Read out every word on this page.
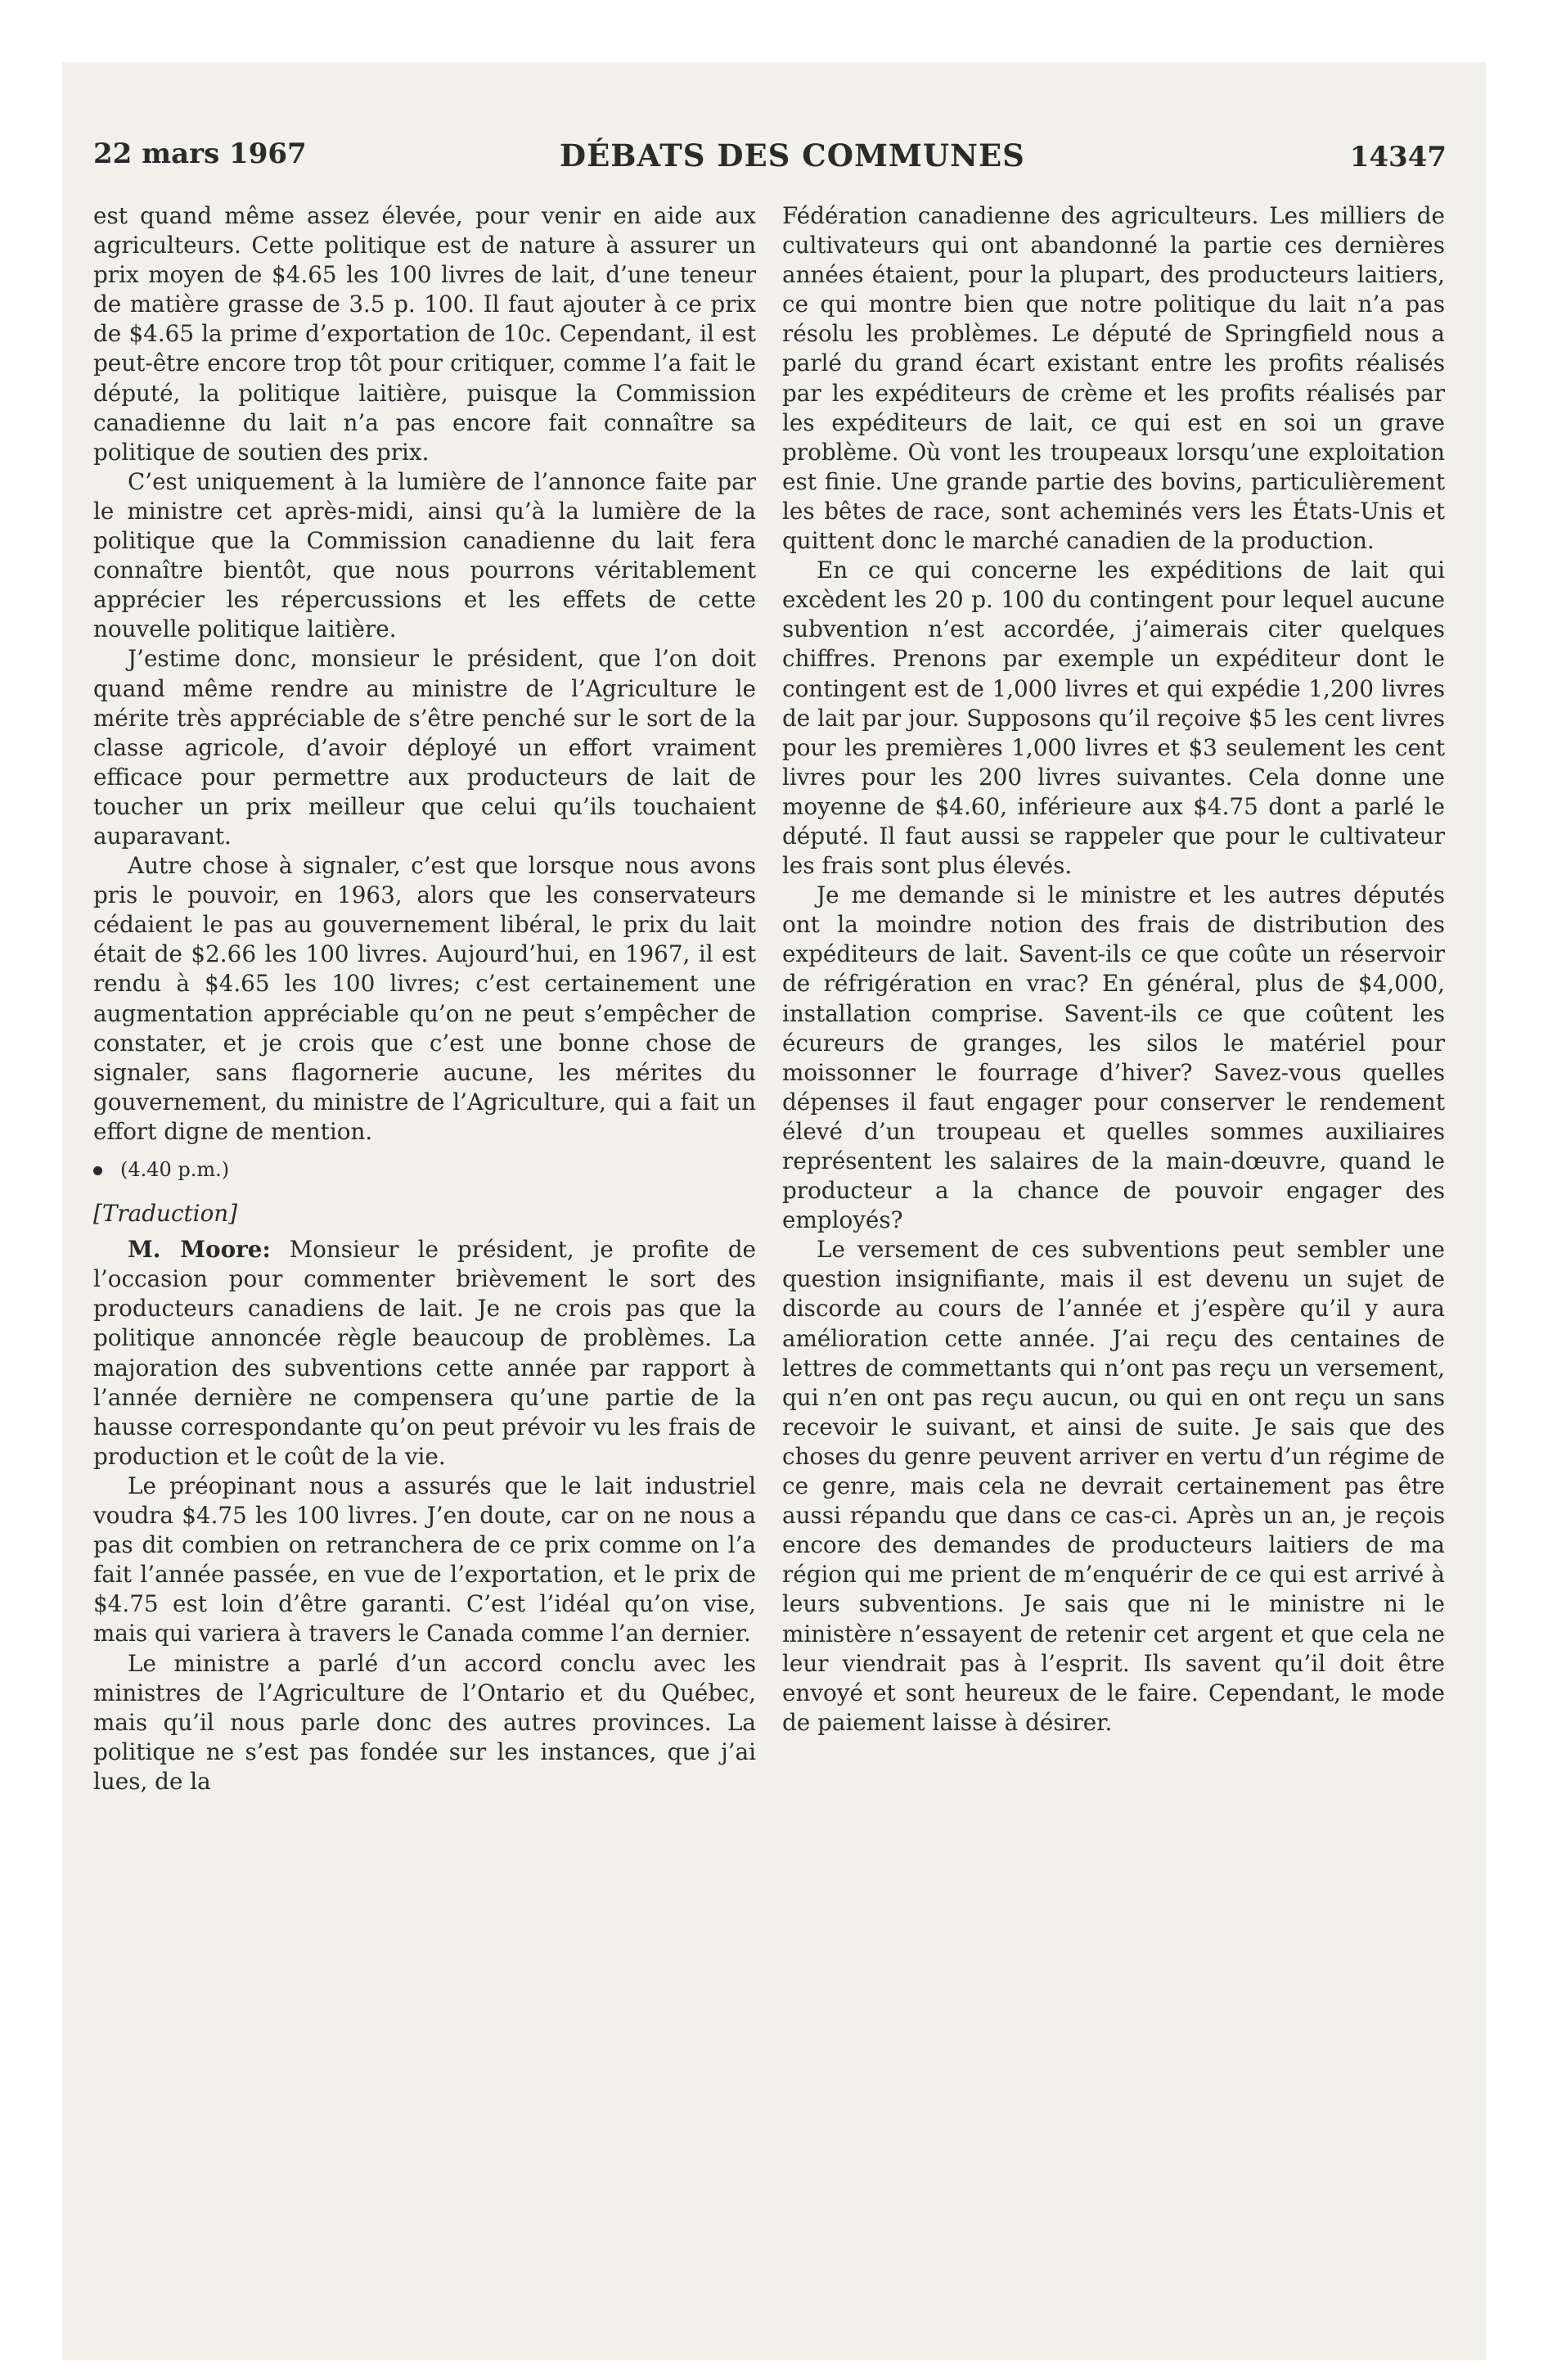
22 mars 1967	DÉBATS DES COMMUNES	14347

est quand même assez élevée, pour venir en aide aux agriculteurs. Cette politique est de nature à assurer un prix moyen de $4.65 les 100 livres de lait, d’une teneur de matière grasse de 3.5 p. 100. Il faut ajouter à ce prix de $4.65 la prime d’exportation de 10c. Cependant, il est peut-être encore trop tôt pour critiquer, comme l’a fait le député, la politique laitière, puisque la Commission canadienne du lait n’a pas encore fait connaître sa politique de soutien des prix.

C’est uniquement à la lumière de l’annonce faite par le ministre cet après-midi, ainsi qu’à la lumière de la politique que la Commission canadienne du lait fera connaître bientôt, que nous pourrons véritablement apprécier les répercussions et les effets de cette nouvelle politique laitière.

J’estime donc, monsieur le président, que l’on doit quand même rendre au ministre de l’Agriculture le mérite très appréciable de s’être penché sur le sort de la classe agricole, d’avoir déployé un effort vraiment efficace pour permettre aux producteurs de lait de toucher un prix meilleur que celui qu’ils touchaient auparavant.

Autre chose à signaler, c’est que lorsque nous avons pris le pouvoir, en 1963, alors que les conservateurs cédaient le pas au gouvernement libéral, le prix du lait était de $2.66 les 100 livres. Aujourd’hui, en 1967, il est rendu à $4.65 les 100 livres; c’est certainement une augmentation appréciable qu’on ne peut s’empêcher de constater, et je crois que c’est une bonne chose de signaler, sans flagornerie aucune, les mérites du gouvernement, du ministre de l’Agriculture, qui a fait un effort digne de mention.

(4.40 p.m.)

[Traduction]

M. Moore: Monsieur le président, je profite de l’occasion pour commenter brièvement le sort des producteurs canadiens de lait. Je ne crois pas que la politique annoncée règle beaucoup de problèmes. La majoration des subventions cette année par rapport à l’année dernière ne compensera qu’une partie de la hausse correspondante qu’on peut prévoir vu les frais de production et le coût de la vie.

Le préopinant nous a assurés que le lait industriel voudra $4.75 les 100 livres. J’en doute, car on ne nous a pas dit combien on retranchera de ce prix comme on l’a fait l’année passée, en vue de l’exportation, et le prix de $4.75 est loin d’être garanti. C’est l’idéal qu’on vise, mais qui variera à travers le Canada comme l’an dernier.

Le ministre a parlé d’un accord conclu avec les ministres de l’Agriculture de l’Ontario et du Québec, mais qu’il nous parle donc des autres provinces. La politique ne s’est pas fondée sur les instances, que j’ai lues, de la

Fédération canadienne des agriculteurs. Les milliers de cultivateurs qui ont abandonné la partie ces dernières années étaient, pour la plupart, des producteurs laitiers, ce qui montre bien que notre politique du lait n’a pas résolu les problèmes. Le député de Springfield nous a parlé du grand écart existant entre les profits réalisés par les expéditeurs de crème et les profits réalisés par les expéditeurs de lait, ce qui est en soi un grave problème. Où vont les troupeaux lorsqu’une exploitation est finie. Une grande partie des bovins, particulièrement les bêtes de race, sont acheminés vers les États-Unis et quittent donc le marché canadien de la production.

En ce qui concerne les expéditions de lait qui excèdent les 20 p. 100 du contingent pour lequel aucune subvention n’est accordée, j’aimerais citer quelques chiffres. Prenons par exemple un expéditeur dont le contingent est de 1,000 livres et qui expédie 1,200 livres de lait par jour. Supposons qu’il reçoive $5 les cent livres pour les premières 1,000 livres et $3 seulement les cent livres pour les 200 livres suivantes. Cela donne une moyenne de $4.60, inférieure aux $4.75 dont a parlé le député. Il faut aussi se rappeler que pour le cultivateur les frais sont plus élevés.

Je me demande si le ministre et les autres députés ont la moindre notion des frais de distribution des expéditeurs de lait. Savent-ils ce que coûte un réservoir de réfrigération en vrac? En général, plus de $4,000, installation comprise. Savent-ils ce que coûtent les écureurs de granges, les silos le matériel pour moissonner le fourrage d’hiver? Savez-vous quelles dépenses il faut engager pour conserver le rendement élevé d’un troupeau et quelles sommes auxiliaires représentent les salaires de la main-dœuvre, quand le producteur a la chance de pouvoir engager des employés?

Le versement de ces subventions peut sembler une question insignifiante, mais il est devenu un sujet de discorde au cours de l’année et j’espère qu’il y aura amélioration cette année. J’ai reçu des centaines de lettres de commettants qui n’ont pas reçu un versement, qui n’en ont pas reçu aucun, ou qui en ont reçu un sans recevoir le suivant, et ainsi de suite. Je sais que des choses du genre peuvent arriver en vertu d’un régime de ce genre, mais cela ne devrait certainement pas être aussi répandu que dans ce cas-ci. Après un an, je reçois encore des demandes de producteurs laitiers de ma région qui me prient de m’enquérir de ce qui est arrivé à leurs subventions. Je sais que ni le ministre ni le ministère n’essayent de retenir cet argent et que cela ne leur viendrait pas à l’esprit. Ils savent qu’il doit être envoyé et sont heureux de le faire. Cependant, le mode de paiement laisse à désirer.
